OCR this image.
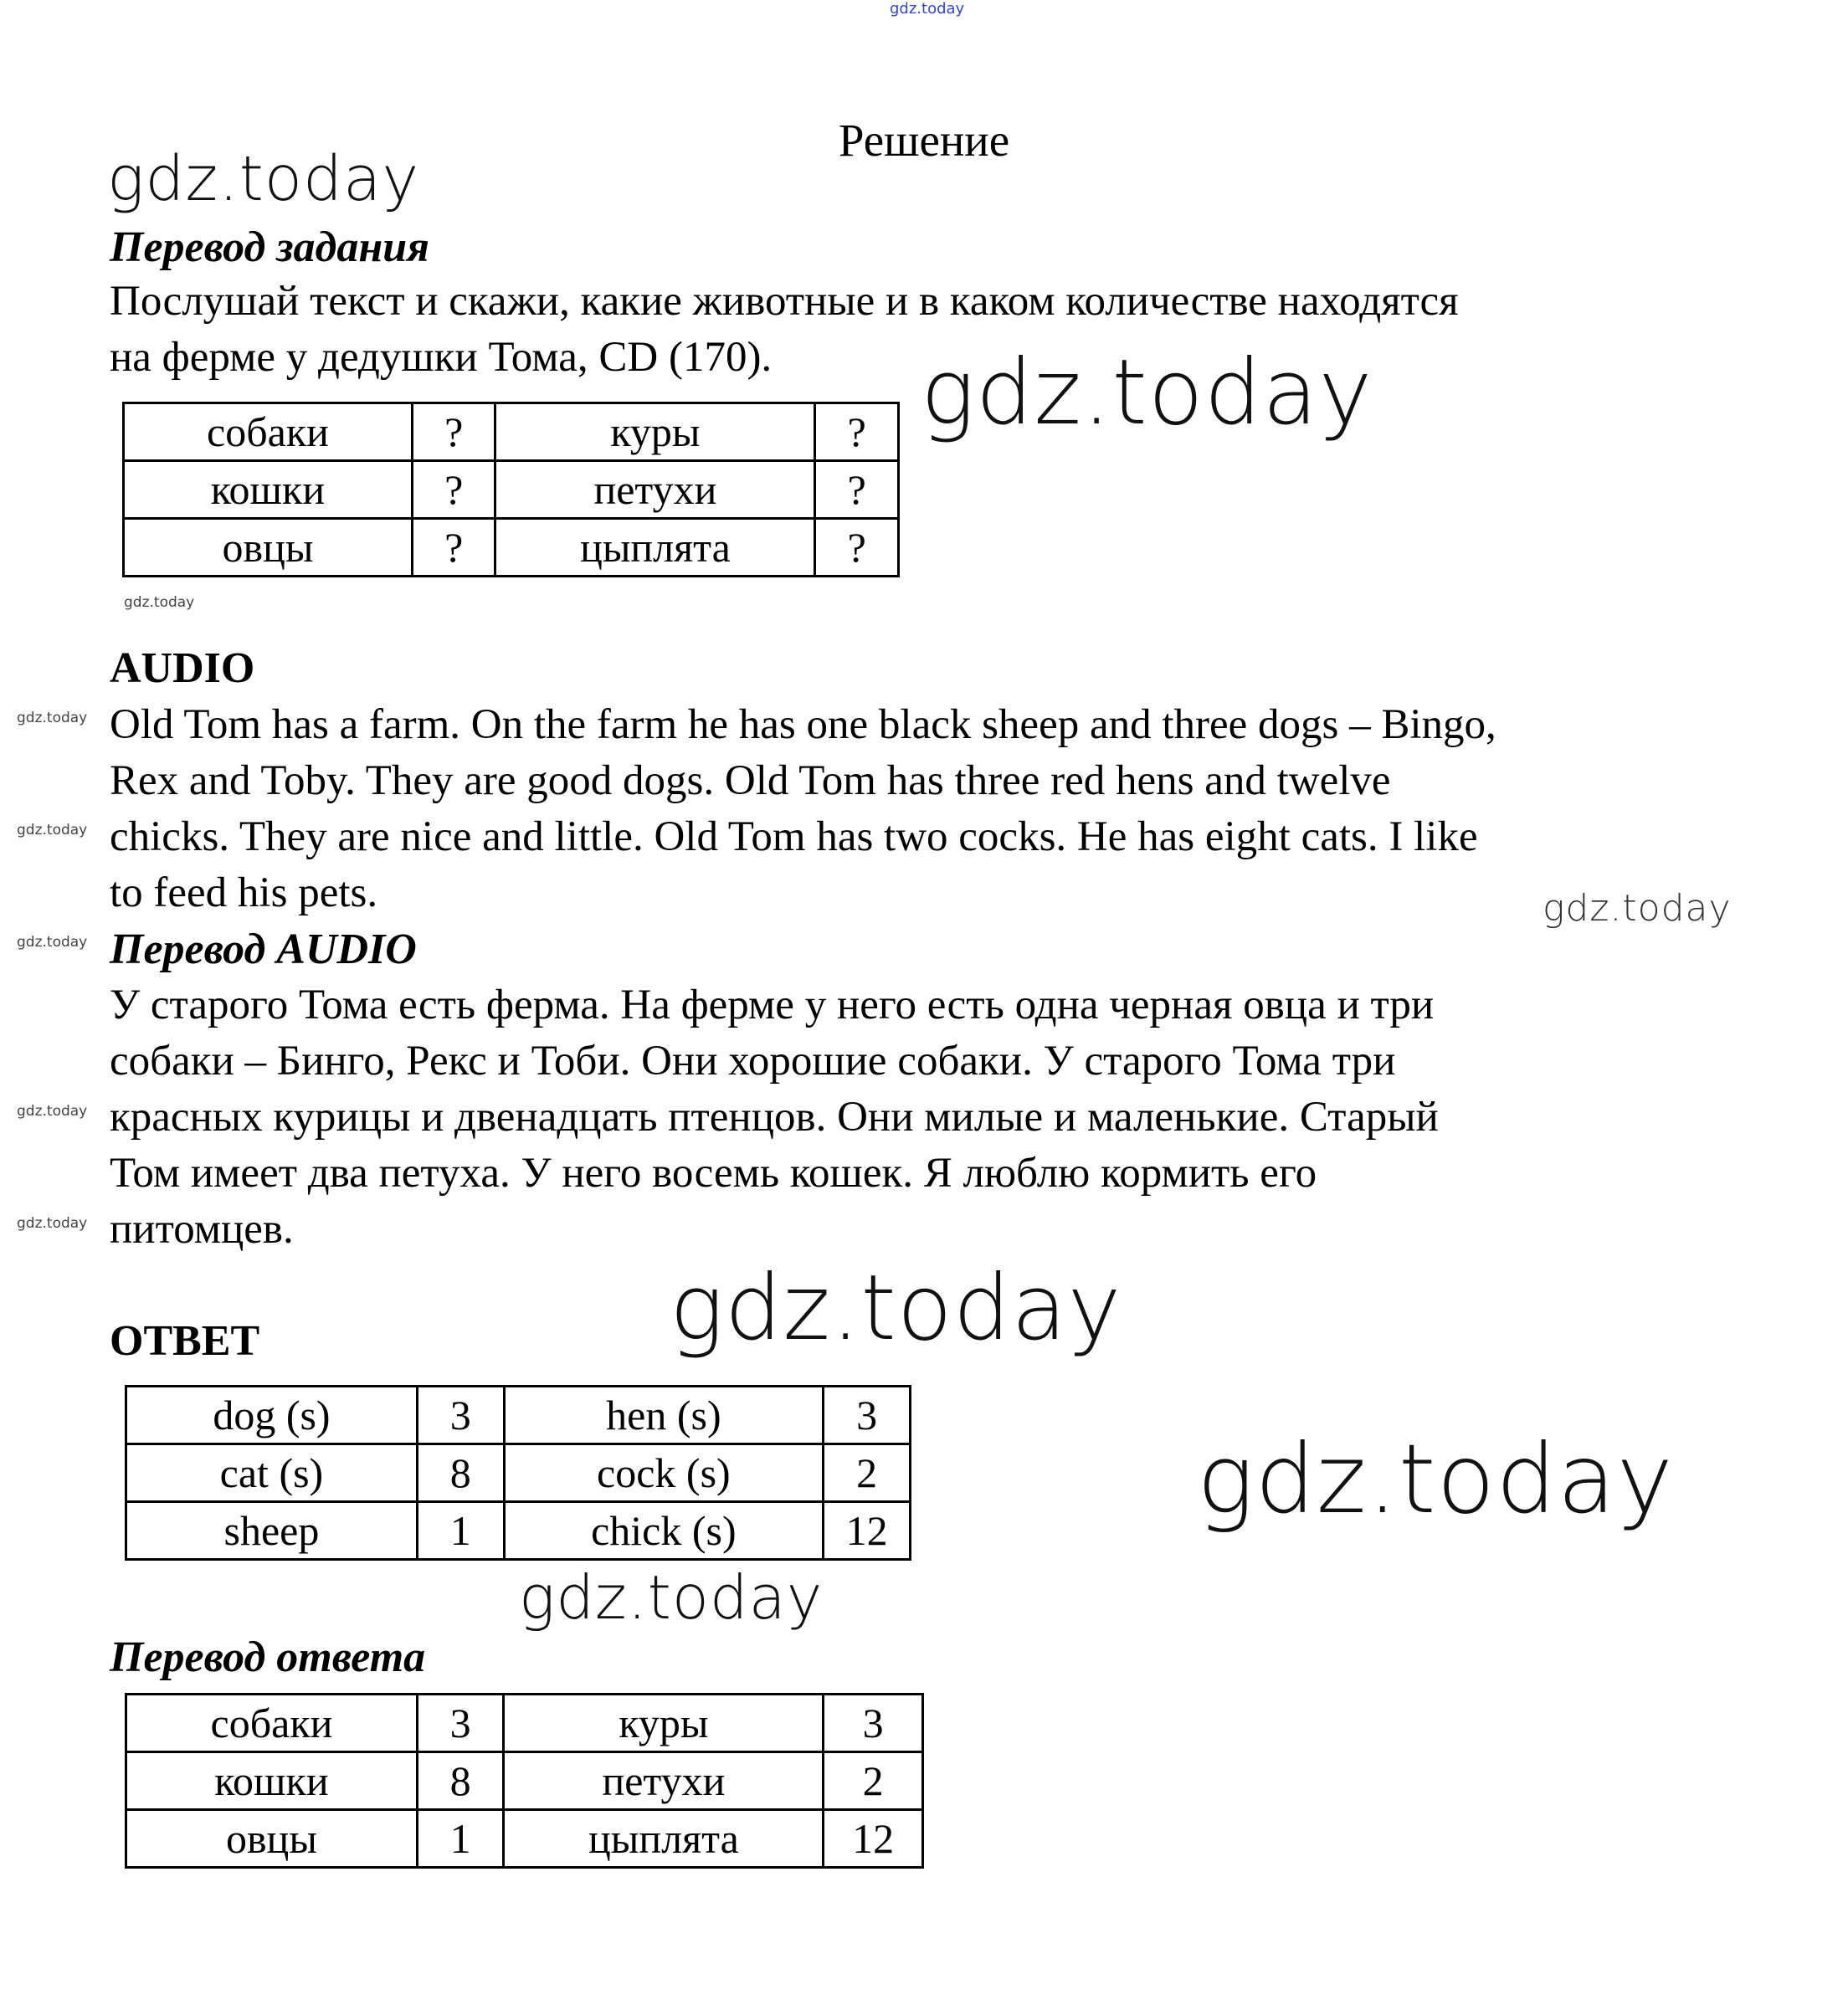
gdz.today
Решение
gdz.today
Перевод задания
Послушай текст и скажи, какие животные и в каком количестве находятся
на ферме у дедушки Тома, CD (170). gdz.today
собаки	?	куры	?
кошки	?	петухи	?
овцы	?	цыплята	?
gdz.today
AUDIO
gdz.today Old Tom has a farm. On the farm he has one black sheep and three dogs – Bingo,
Rex and Toby. They are good dogs. Old Tom has three red hens and twelve
gdz.today chicks. They are nice and little. Old Tom has two cocks. He has eight cats. I like
to feed his pets.
gdz.today
gdz.today
Перевод AUDIO
У старого Тома есть ферма. На ферме у него есть одна черная овца и три
собаки – Бинго, Рекс и Тоби. Они хорошие собаки. У старого Тома три
gdz.today красных курицы и двенадцать птенцов. Они милые и маленькие. Старый
Том имеет два петуха. У него восемь кошек. Я люблю кормить его
gdz.today питомцев.
gdz.today
ОТВЕТ
dog (s)	3	hen (s)	3
cat (s)	8	cock (s)	2
sheep	1	chick (s)	12	gdz.today
gdz.today
Перевод ответа
собаки	3	куры	3
кошки	8	петухи	2
овцы	1	цыплята	12
